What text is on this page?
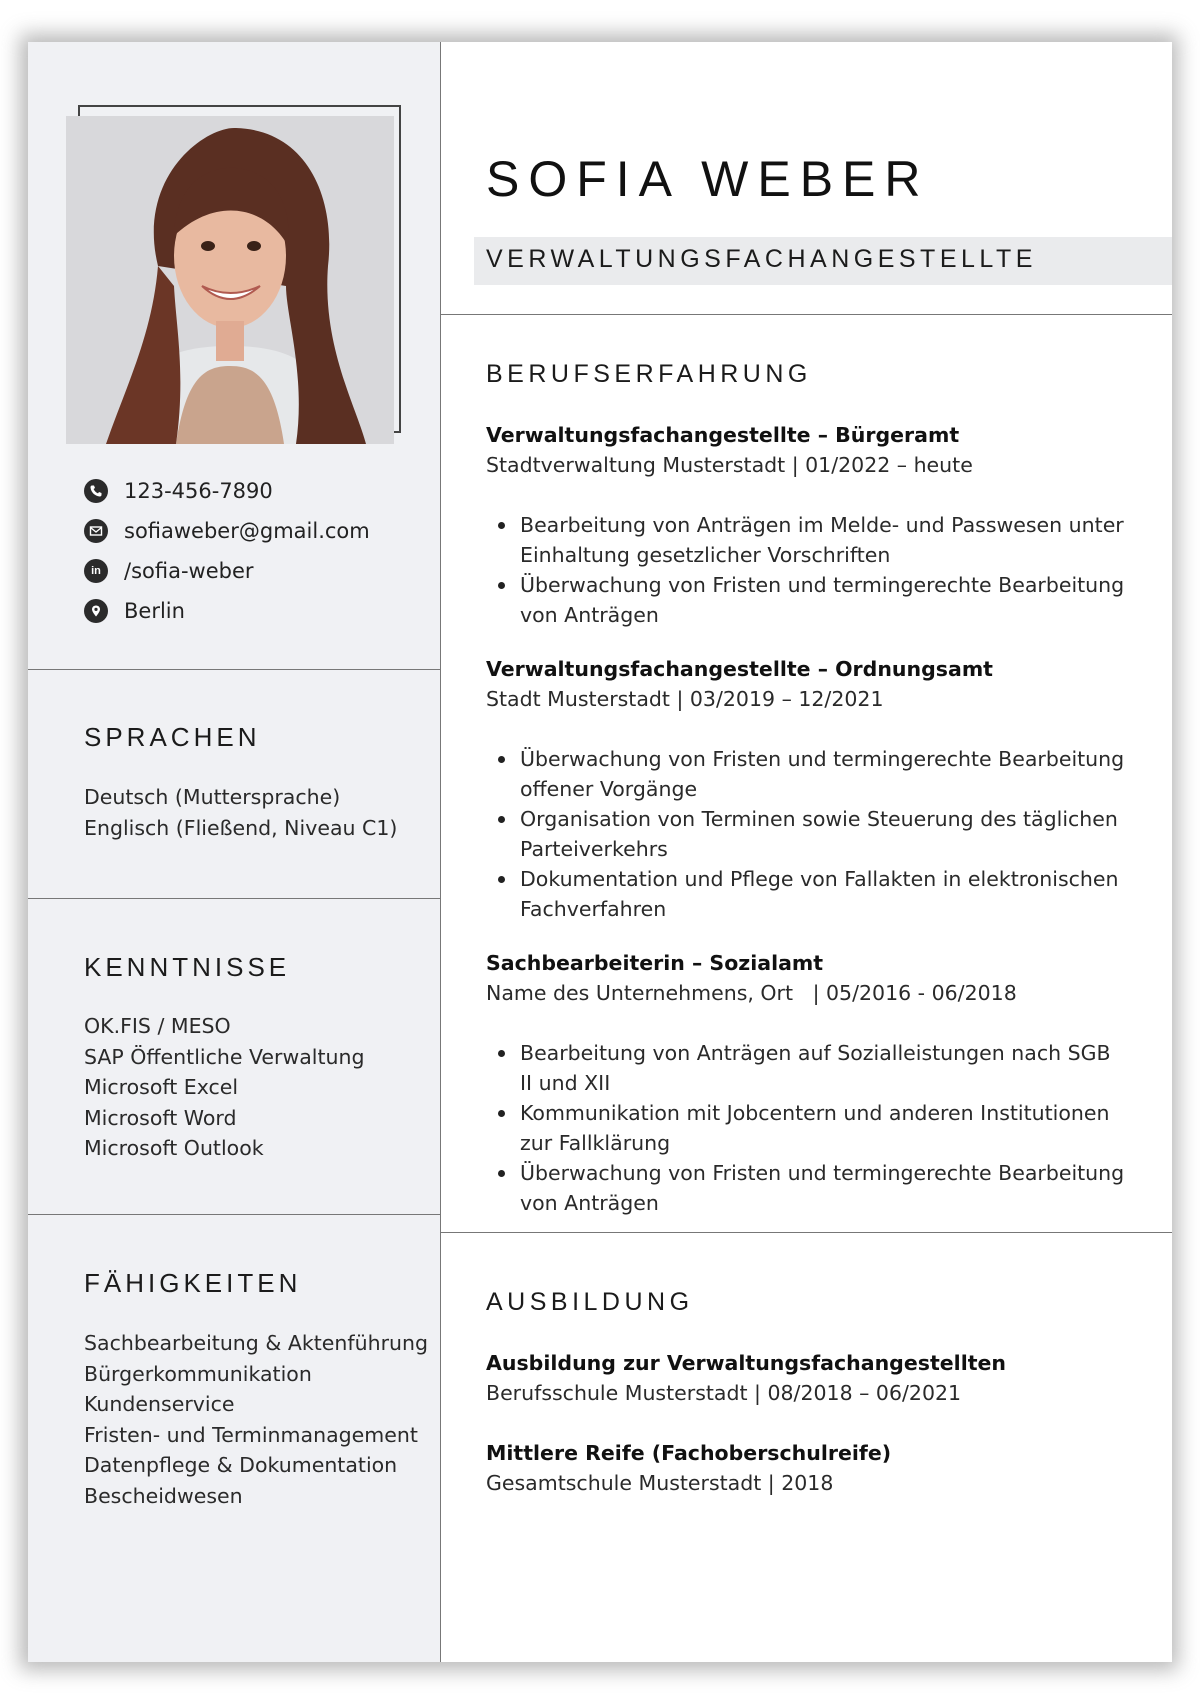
123-456-7890
sofiaweber@gmail.com
in /sofia-weber
Berlin
SPRACHEN
Deutsch (Muttersprache)
Englisch (Fließend, Niveau C1)
KENNTNISSE
OK.FIS / MESO
SAP Öffentliche Verwaltung
Microsoft Excel
Microsoft Word
Microsoft Outlook
FÄHIGKEITEN
Sachbearbeitung & Aktenführung
Bürgerkommunikation
Kundenservice
Fristen- und Terminmanagement
Datenpflege & Dokumentation
Bescheidwesen
SOFIA WEBER
VERWALTUNGSFACHANGESTELLTE
BERUFSERFAHRUNG
Verwaltungsfachangestellte – Bürgeramt
Stadtverwaltung Musterstadt | 01/2022 – heute
Bearbeitung von Anträgen im Melde- und Passwesen unter Einhaltung gesetzlicher Vorschriften
Überwachung von Fristen und termingerechte Bearbeitung von Anträgen
Verwaltungsfachangestellte – Ordnungsamt
Stadt Musterstadt | 03/2019 – 12/2021
Überwachung von Fristen und termingerechte Bearbeitung offener Vorgänge
Organisation von Terminen sowie Steuerung des täglichen Parteiverkehrs
Dokumentation und Pflege von Fallakten in elektronischen Fachverfahren
Sachbearbeiterin – Sozialamt
Name des Unternehmens, Ort   | 05/2016 - 06/2018
Bearbeitung von Anträgen auf Sozialleistungen nach SGB II und XII
Kommunikation mit Jobcentern und anderen Institutionen zur Fallklärung
Überwachung von Fristen und termingerechte Bearbeitung von Anträgen
AUSBILDUNG
Ausbildung zur Verwaltungsfachangestellten
Berufsschule Musterstadt | 08/2018 – 06/2021
Mittlere Reife (Fachoberschulreife)
Gesamtschule Musterstadt | 2018
